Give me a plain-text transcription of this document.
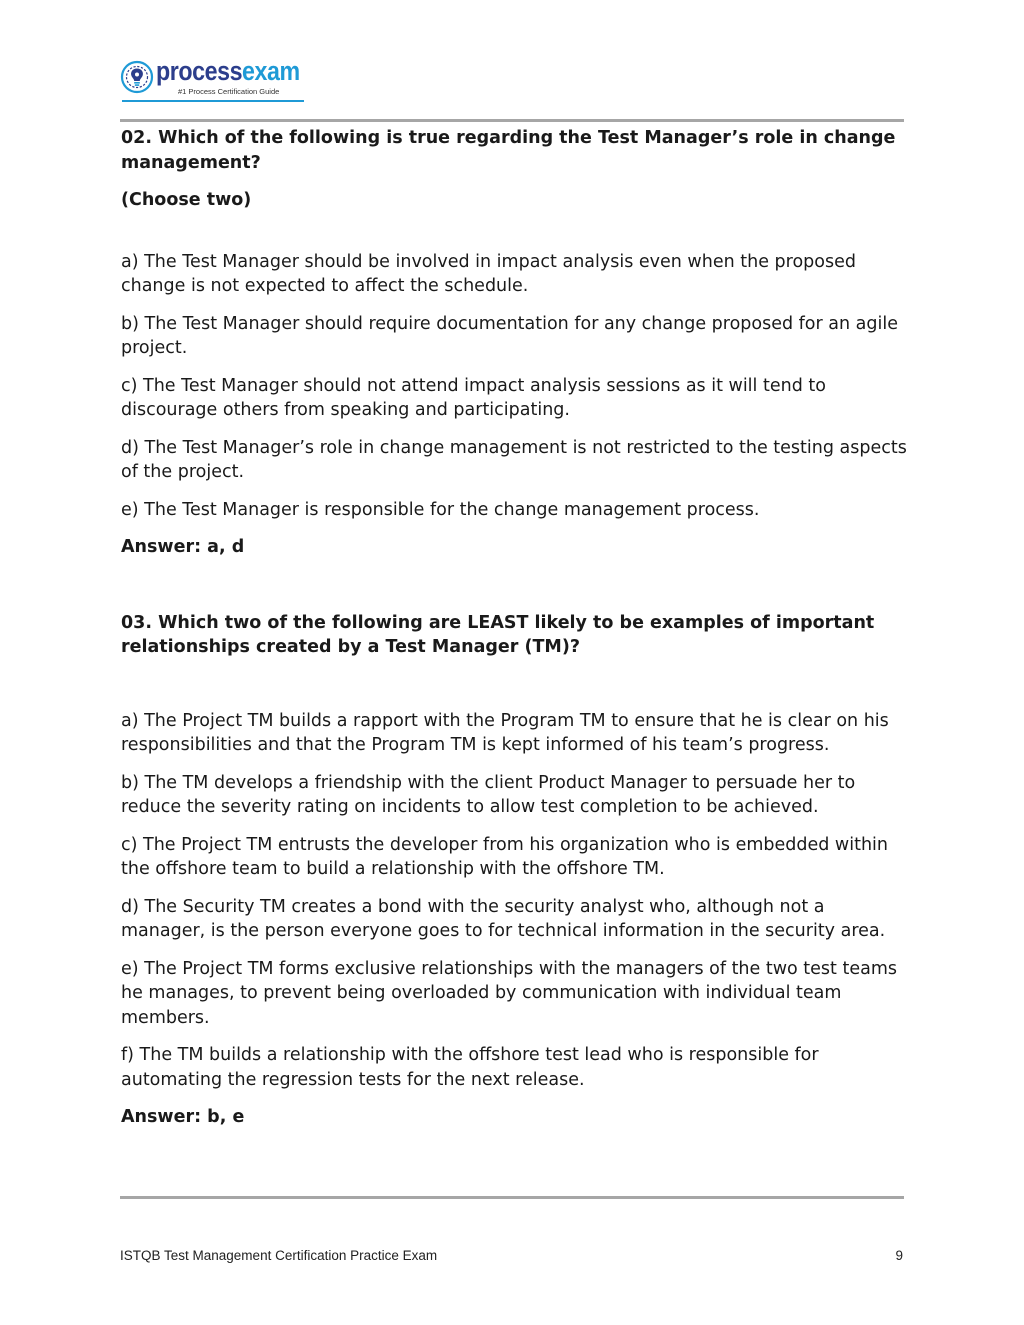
processexam
#1 Process Certification Guide

02. Which of the following is true regarding the Test Manager’s role in change management?

(Choose two)

a) The Test Manager should be involved in impact analysis even when the proposed change is not expected to affect the schedule.
b) The Test Manager should require documentation for any change proposed for an agile project.
c) The Test Manager should not attend impact analysis sessions as it will tend to discourage others from speaking and participating.
d) The Test Manager’s role in change management is not restricted to the testing aspects of the project.
e) The Test Manager is responsible for the change management process.

Answer: a, d

03. Which two of the following are LEAST likely to be examples of important relationships created by a Test Manager (TM)?

a) The Project TM builds a rapport with the Program TM to ensure that he is clear on his responsibilities and that the Program TM is kept informed of his team’s progress.
b) The TM develops a friendship with the client Product Manager to persuade her to reduce the severity rating on incidents to allow test completion to be achieved.
c) The Project TM entrusts the developer from his organization who is embedded within the offshore team to build a relationship with the offshore TM.
d) The Security TM creates a bond with the security analyst who, although not a manager, is the person everyone goes to for technical information in the security area.
e) The Project TM forms exclusive relationships with the managers of the two test teams he manages, to prevent being overloaded by communication with individual team members.
f) The TM builds a relationship with the offshore test lead who is responsible for automating the regression tests for the next release.

Answer: b, e

ISTQB Test Management Certification Practice Exam	9
